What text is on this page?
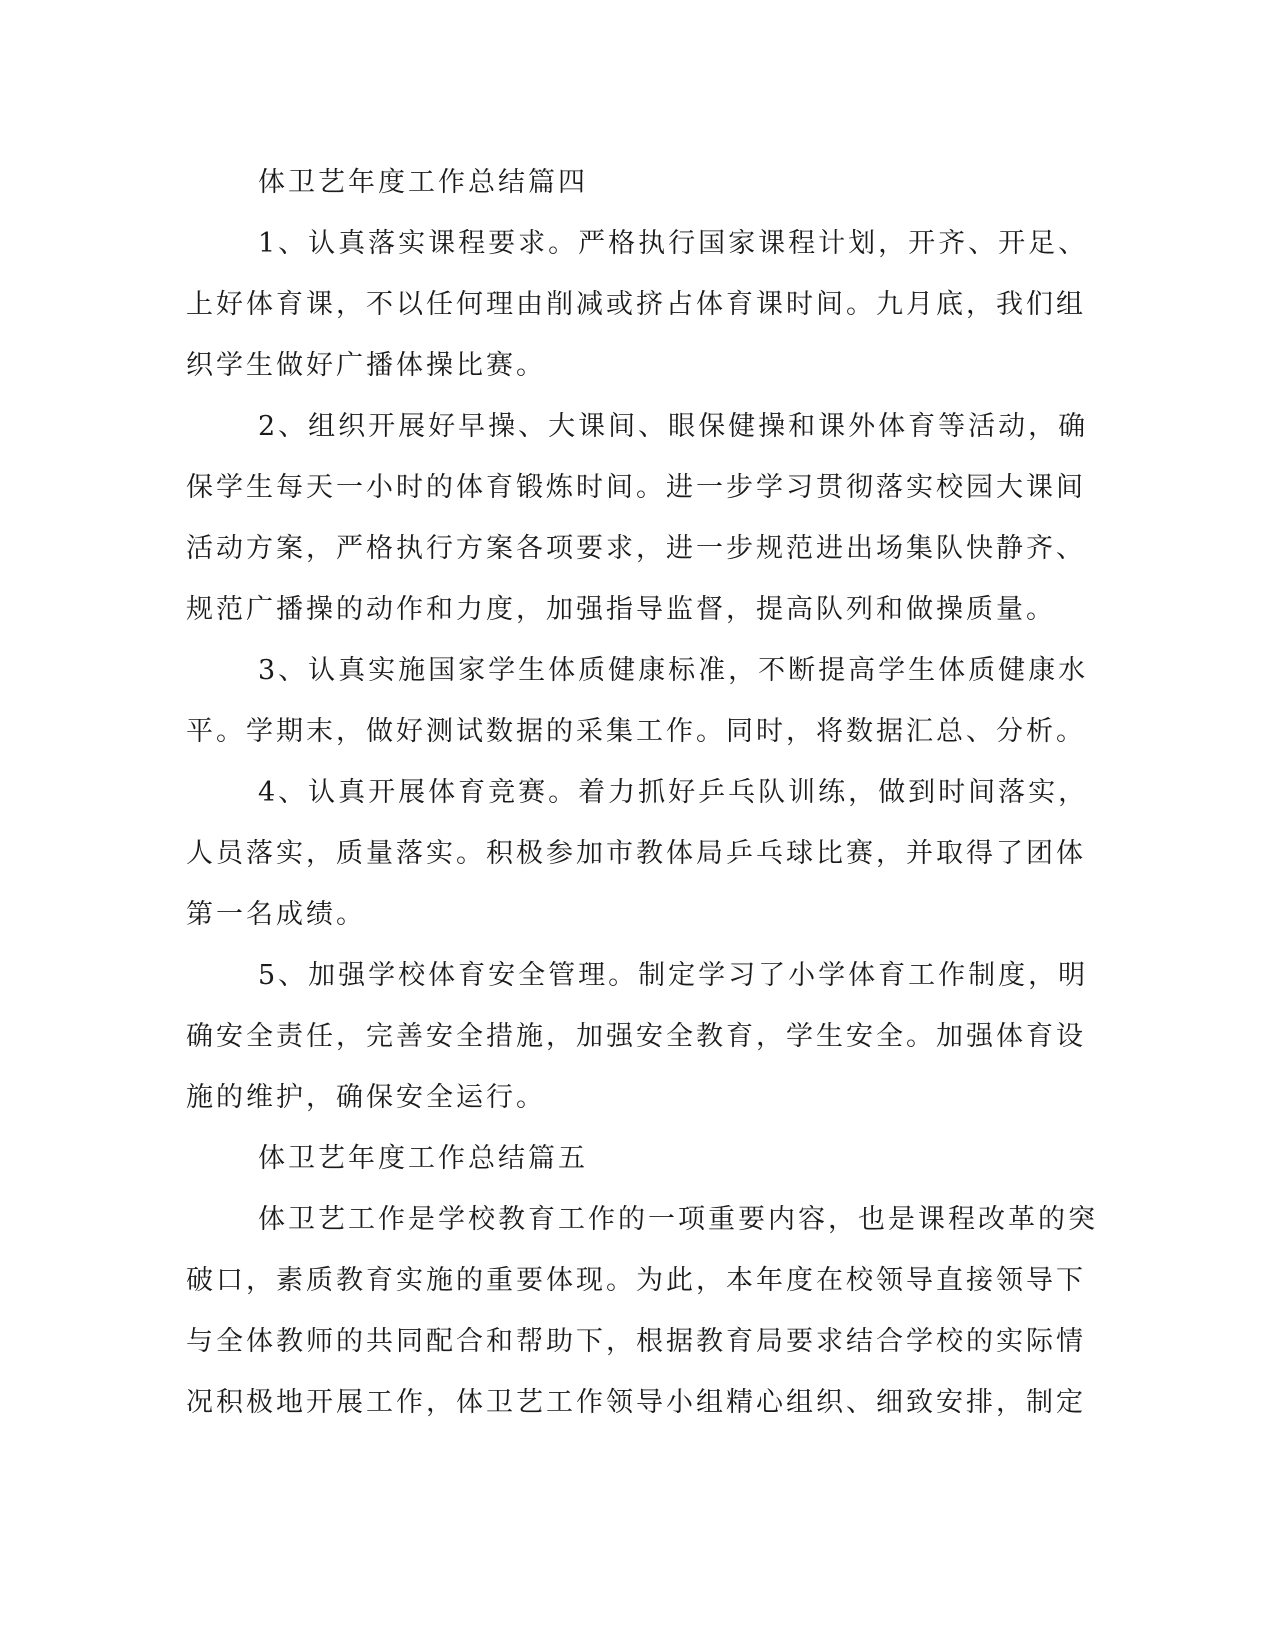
体卫艺年度工作总结篇四
1、认真落实课程要求。严格执行国家课程计划，开齐、开足、
上好体育课，不以任何理由削减或挤占体育课时间。九月底，我们组
织学生做好广播体操比赛。
2、组织开展好早操、大课间、眼保健操和课外体育等活动，确
保学生每天一小时的体育锻炼时间。进一步学习贯彻落实校园大课间
活动方案，严格执行方案各项要求，进一步规范进出场集队快静齐、
规范广播操的动作和力度，加强指导监督，提高队列和做操质量。
3、认真实施国家学生体质健康标准，不断提高学生体质健康水
平。学期末，做好测试数据的采集工作。同时，将数据汇总、分析。
4、认真开展体育竞赛。着力抓好乒乓队训练，做到时间落实，
人员落实，质量落实。积极参加市教体局乒乓球比赛，并取得了团体
第一名成绩。
5、加强学校体育安全管理。制定学习了小学体育工作制度，明
确安全责任，完善安全措施，加强安全教育，学生安全。加强体育设
施的维护，确保安全运行。
体卫艺年度工作总结篇五
体卫艺工作是学校教育工作的一项重要内容，也是课程改革的突
破口，素质教育实施的重要体现。为此，本年度在校领导直接领导下
与全体教师的共同配合和帮助下，根据教育局要求结合学校的实际情
况积极地开展工作，体卫艺工作领导小组精心组织、细致安排，制定
